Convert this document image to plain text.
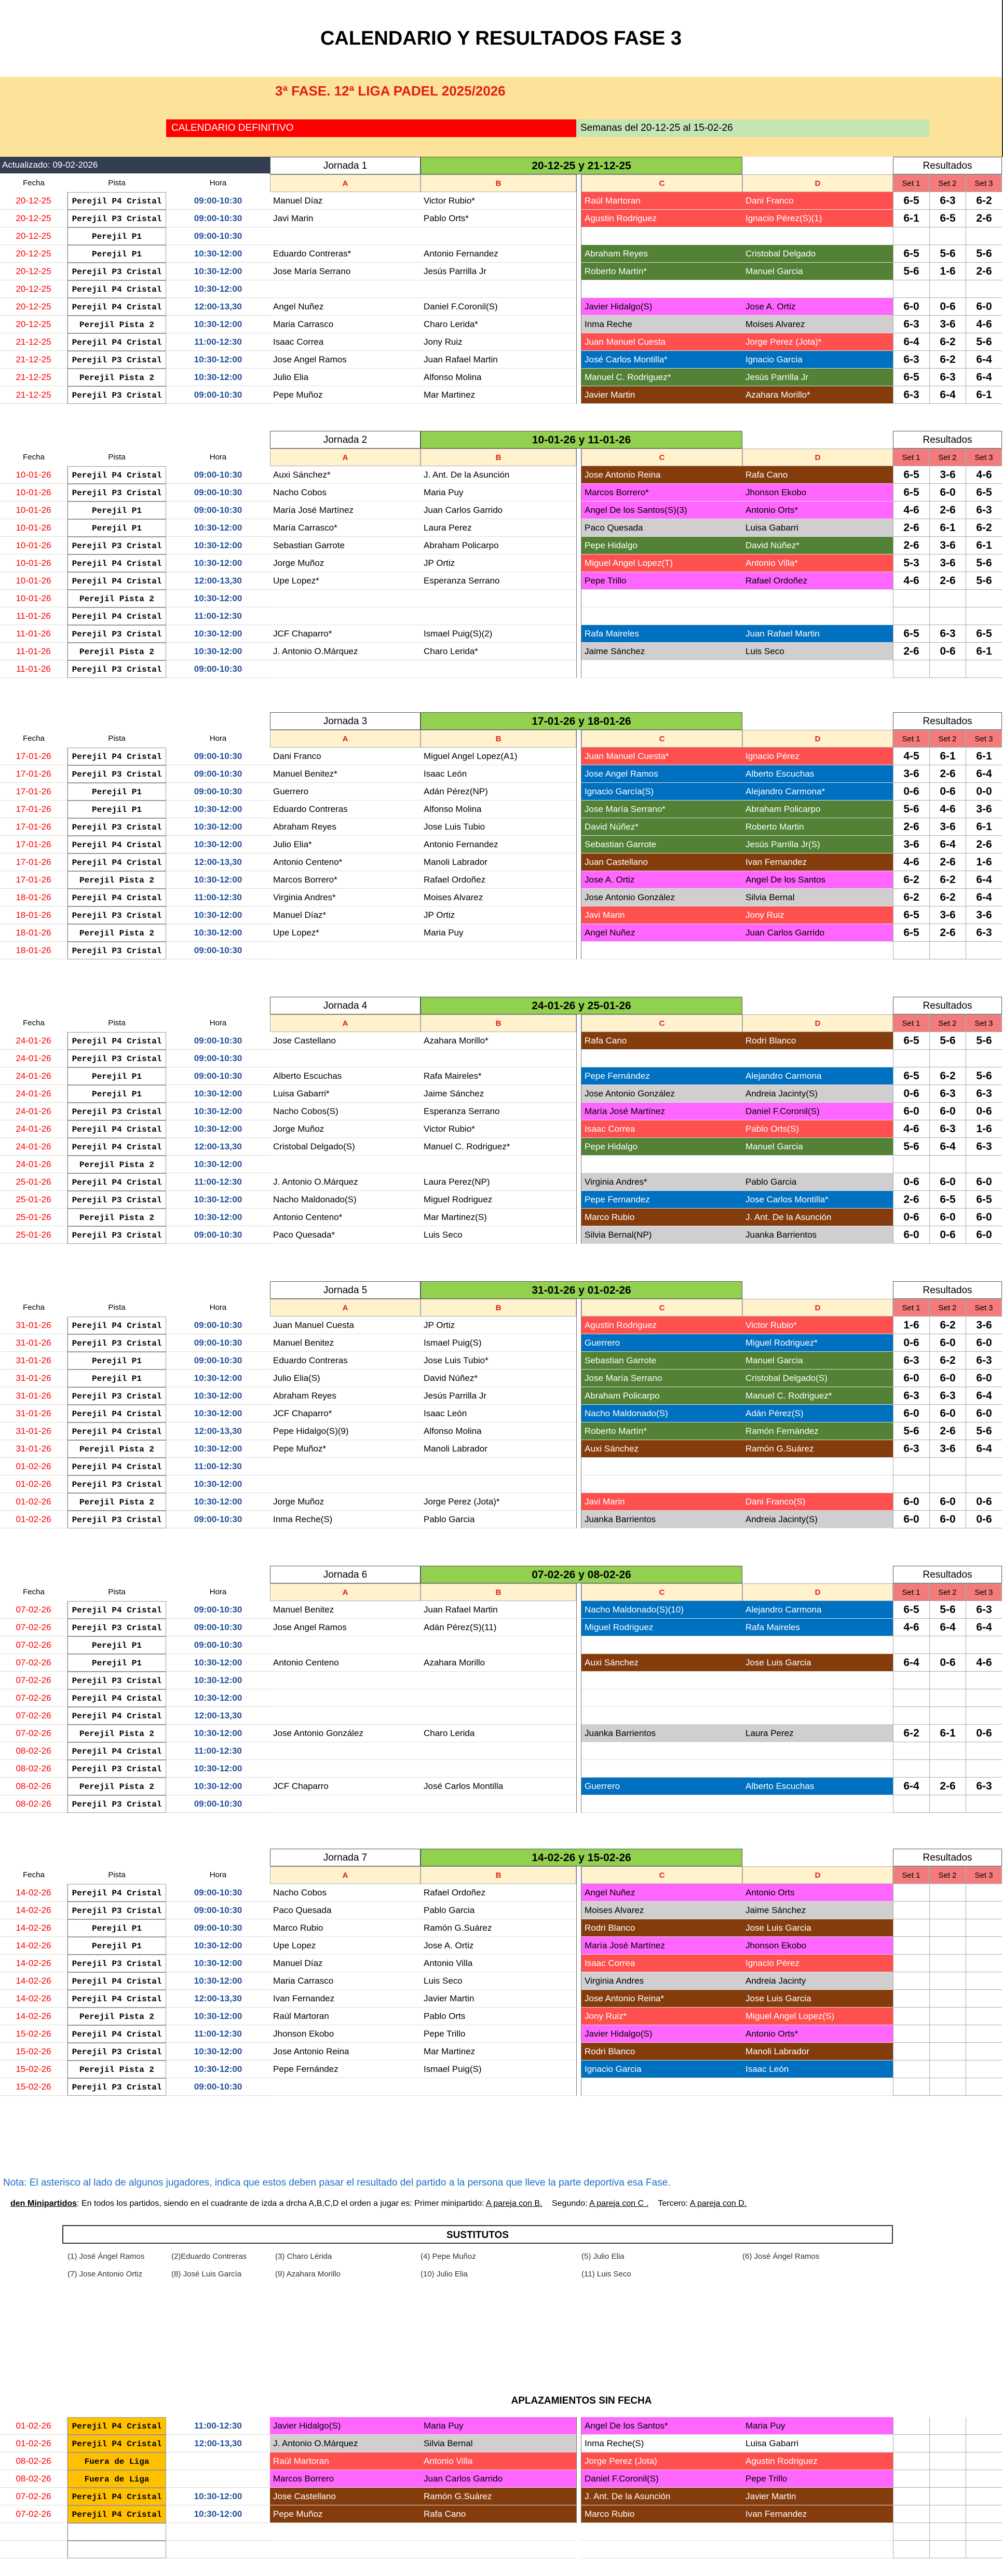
CALENDARIO Y RESULTADOS FASE 3
3ª FASE. 12ª LIGA PADEL 2025/2026
CALENDARIO DEFINITIVO	Semanas del 20-12-25 al 15-02-26
Actualizado: 09-02-2026	Jornada 1	20-12-25 y 21-12-25	Resultados
Fecha	Pista	Hora	A	B	C	D	Set 1	Set 2	Set 3
20-12-25	Perejil P4 Cristal	09:00-10:30	Manuel Díaz	Victor Rubio*	Raúl Martoran	Dani Franco	6-5	6-3	6-2
20-12-25	Perejil P3 Cristal	09:00-10:30	Javi Marin	Pablo Orts*	Agustin Rodriguez	Ignacio Pérez(S)(1)	6-1	6-5	2-6
20-12-25	Perejil P1	09:00-10:30
20-12-25	Perejil P1	10:30-12:00	Eduardo Contreras*	Antonio Fernandez	Abraham Reyes	Cristobal Delgado	6-5	5-6	5-6
20-12-25	Perejil P3 Cristal	10:30-12:00	Jose María Serrano	Jesús Parrilla Jr	Roberto Martín*	Manuel Garcia	5-6	1-6	2-6
20-12-25	Perejil P4 Cristal	10:30-12:00
20-12-25	Perejil P4 Cristal	12:00-13,30	Angel Nuñez	Daniel F.Coronil(S)	Javier Hidalgo(S)	Jose A. Ortiz	6-0	0-6	6-0
20-12-25	Perejil Pista 2	10:30-12:00	Maria Carrasco	Charo Lerida*	Inma Reche	Moises Alvarez	6-3	3-6	4-6
21-12-25	Perejil P4 Cristal	11:00-12:30	Isaac Correa	Jony Ruiz	Juan Manuel Cuesta	Jorge Perez (Jota)*	6-4	6-2	5-6
21-12-25	Perejil P3 Cristal	10:30-12:00	Jose Angel Ramos	Juan Rafael Martin	José Carlos Montilla*	Ignacio Garcia	6-3	6-2	6-4
21-12-25	Perejil Pista 2	10:30-12:00	Julio Elia	Alfonso Molina	Manuel C. Rodriguez*	Jesús Parrilla Jr	6-5	6-3	6-4
21-12-25	Perejil P3 Cristal	09:00-10:30	Pepe Muñoz	Mar Martinez	Javier Martin	Azahara Morillo*	6-3	6-4	6-1
Jornada 2	10-01-26 y 11-01-26	Resultados
Fecha	Pista	Hora	A	B	C	D	Set 1	Set 2	Set 3
10-01-26	Perejil P4 Cristal	09:00-10:30	Auxi Sánchez*	J. Ant. De la Asunción	Jose Antonio Reina	Rafa Cano	6-5	3-6	4-6
10-01-26	Perejil P3 Cristal	09:00-10:30	Nacho Cobos	Maria Puy	Marcos Borrero*	Jhonson Ekobo	6-5	6-0	6-5
10-01-26	Perejil P1	09:00-10:30	María José Martínez	Juan Carlos Garrido	Angel De los Santos(S)(3)	Antonio Orts*	4-6	2-6	6-3
10-01-26	Perejil P1	10:30-12:00	María Carrasco*	Laura Perez	Paco Quesada	Luisa Gabarri	2-6	6-1	6-2
10-01-26	Perejil P3 Cristal	10:30-12:00	Sebastian Garrote	Abraham Policarpo	Pepe Hidalgo	David Núñez*	2-6	3-6	6-1
10-01-26	Perejil P4 Cristal	10:30-12:00	Jorge Muñoz	JP Ortiz	Miguel Angel Lopez(T)	Antonio Villa*	5-3	3-6	5-6
10-01-26	Perejil P4 Cristal	12:00-13,30	Upe Lopez*	Esperanza Serrano	Pepe Trillo	Rafael Ordoñez	4-6	2-6	5-6
10-01-26	Perejil Pista 2	10:30-12:00
11-01-26	Perejil P4 Cristal	11:00-12:30
11-01-26	Perejil P3 Cristal	10:30-12:00	JCF Chaparro*	Ismael Puig(S)(2)	Rafa Maireles	Juan Rafael Martin	6-5	6-3	6-5
11-01-26	Perejil Pista 2	10:30-12:00	J. Antonio O.Márquez	Charo Lerida*	Jaime Sánchez	Luis Seco	2-6	0-6	6-1
11-01-26	Perejil P3 Cristal	09:00-10:30
Jornada 3	17-01-26 y 18-01-26	Resultados
Fecha	Pista	Hora	A	B	C	D	Set 1	Set 2	Set 3
17-01-26	Perejil P4 Cristal	09:00-10:30	Dani Franco	Miguel Angel Lopez(A1)	Juan Manuel Cuesta*	Ignacio Pérez	4-5	6-1	6-1
17-01-26	Perejil P3 Cristal	09:00-10:30	Manuel Benitez*	Isaac León	Jose Angel Ramos	Alberto Escuchas	3-6	2-6	6-4
17-01-26	Perejil P1	09:00-10:30	Guerrero	Adán Pérez(NP)	Ignacio García(S)	Alejandro Carmona*	0-6	0-6	0-0
17-01-26	Perejil P1	10:30-12:00	Eduardo Contreras	Alfonso Molina	Jose María Serrano*	Abraham Policarpo	5-6	4-6	3-6
17-01-26	Perejil P3 Cristal	10:30-12:00	Abraham Reyes	Jose Luis Tubio	David Núñez*	Roberto Martin	2-6	3-6	6-1
17-01-26	Perejil P4 Cristal	10:30-12:00	Julio Elia*	Antonio Fernandez	Sebastian Garrote	Jesús Parrilla Jr(S)	3-6	6-4	2-6
17-01-26	Perejil P4 Cristal	12:00-13,30	Antonio Centeno*	Manoli Labrador	Juan Castellano	Ivan Fernandez	4-6	2-6	1-6
17-01-26	Perejil Pista 2	10:30-12:00	Marcos Borrero*	Rafael Ordoñez	Jose A. Ortiz	Angel De los Santos	6-2	6-2	6-4
18-01-26	Perejil P4 Cristal	11:00-12:30	Virginia Andres*	Moises Alvarez	Jose Antonio González	Silvia Bernal	6-2	6-2	6-4
18-01-26	Perejil P3 Cristal	10:30-12:00	Manuel Díaz*	JP Ortiz	Javi Marin	Jony Ruiz	6-5	3-6	3-6
18-01-26	Perejil Pista 2	10:30-12:00	Upe Lopez*	Maria Puy	Angel Nuñez	Juan Carlos Garrido	6-5	2-6	6-3
18-01-26	Perejil P3 Cristal	09:00-10:30
Jornada 4	24-01-26 y 25-01-26	Resultados
Fecha	Pista	Hora	A	B	C	D	Set 1	Set 2	Set 3
24-01-26	Perejil P4 Cristal	09:00-10:30	Jose Castellano	Azahara Morillo*	Rafa Cano	Rodri Blanco	6-5	5-6	5-6
24-01-26	Perejil P3 Cristal	09:00-10:30
24-01-26	Perejil P1	09:00-10:30	Alberto Escuchas	Rafa Maireles*	Pepe Fernández	Alejandro Carmona	6-5	6-2	5-6
24-01-26	Perejil P1	10:30-12:00	Luisa Gabarri*	Jaime Sánchez	Jose Antonio González	Andreia Jacinty(S)	0-6	6-3	6-3
24-01-26	Perejil P3 Cristal	10:30-12:00	Nacho Cobos(S)	Esperanza Serrano	María José Martínez	Daniel F.Coronil(S)	6-0	6-0	0-6
24-01-26	Perejil P4 Cristal	10:30-12:00	Jorge Muñoz	Victor Rubio*	Isaac Correa	Pablo Orts(S)	4-6	6-3	1-6
24-01-26	Perejil P4 Cristal	12:00-13,30	Cristobal Delgado(S)	Manuel C. Rodriguez*	Pepe Hidalgo	Manuel Garcia	5-6	6-4	6-3
24-01-26	Perejil Pista 2	10:30-12:00
25-01-26	Perejil P4 Cristal	11:00-12:30	J. Antonio O.Márquez	Laura Perez(NP)	Virginia Andres*	Pablo Garcia	0-6	6-0	6-0
25-01-26	Perejil P3 Cristal	10:30-12:00	Nacho Maldonado(S)	Miguel Rodriguez	Pepe Fernandez	Jose Carlos Montilla*	2-6	6-5	6-5
25-01-26	Perejil Pista 2	10:30-12:00	Antonio Centeno*	Mar Martinez(S)	Marco Rubio	J. Ant. De la Asunción	0-6	6-0	6-0
25-01-26	Perejil P3 Cristal	09:00-10:30	Paco Quesada*	Luis Seco	Silvia Bernal(NP)	Juanka Barrientos	6-0	0-6	6-0
Jornada 5	31-01-26 y 01-02-26	Resultados
Fecha	Pista	Hora	A	B	C	D	Set 1	Set 2	Set 3
31-01-26	Perejil P4 Cristal	09:00-10:30	Juan Manuel Cuesta	JP Ortiz	Agustin Rodriguez	Victor Rubio*	1-6	6-2	3-6
31-01-26	Perejil P3 Cristal	09:00-10:30	Manuel Benitez	Ismael Puig(S)	Guerrero	Miguel Rodriguez*	0-6	6-0	6-0
31-01-26	Perejil P1	09:00-10:30	Eduardo Contreras	Jose Luis Tubio*	Sebastian Garrote	Manuel Garcia	6-3	6-2	6-3
31-01-26	Perejil P1	10:30-12:00	Julio Elia(S)	David Núñez*	Jose María Serrano	Cristobal Delgado(S)	6-0	6-0	6-0
31-01-26	Perejil P3 Cristal	10:30-12:00	Abraham Reyes	Jesús Parrilla Jr	Abraham Policarpo	Manuel C. Rodriguez*	6-3	6-3	6-4
31-01-26	Perejil P4 Cristal	10:30-12:00	JCF Chaparro*	Isaac León	Nacho Maldonado(S)	Adán Pérez(S)	6-0	6-0	6-0
31-01-26	Perejil P4 Cristal	12:00-13,30	Pepe Hidalgo(S)(9)	Alfonso Molina	Roberto Martín*	Ramón Fernández	5-6	2-6	5-6
31-01-26	Perejil Pista 2	10:30-12:00	Pepe Muñoz*	Manoli Labrador	Auxi Sánchez	Ramón G.Suárez	6-3	3-6	6-4
01-02-26	Perejil P4 Cristal	11:00-12:30
01-02-26	Perejil P3 Cristal	10:30-12:00
01-02-26	Perejil Pista 2	10:30-12:00	Jorge Muñoz	Jorge Perez (Jota)*	Javi Marin	Dani Franco(S)	6-0	6-0	0-6
01-02-26	Perejil P3 Cristal	09:00-10:30	Inma Reche(S)	Pablo Garcia	Juanka Barrientos	Andreia Jacinty(S)	6-0	6-0	0-6
Jornada 6	07-02-26 y 08-02-26	Resultados
Fecha	Pista	Hora	A	B	C	D	Set 1	Set 2	Set 3
07-02-26	Perejil P4 Cristal	09:00-10:30	Manuel Benitez	Juan Rafael Martin	Nacho Maldonado(S)(10)	Alejandro Carmona	6-5	5-6	6-3
07-02-26	Perejil P3 Cristal	09:00-10:30	Jose Angel Ramos	Adán Pérez(S)(11)	Miguel Rodriguez	Rafa Maireles	4-6	6-4	6-4
07-02-26	Perejil P1	09:00-10:30
07-02-26	Perejil P1	10:30-12:00	Antonio Centeno	Azahara Morillo	Auxi Sánchez	Jose Luis Garcia	6-4	0-6	4-6
07-02-26	Perejil P3 Cristal	10:30-12:00
07-02-26	Perejil P4 Cristal	10:30-12:00
07-02-26	Perejil P4 Cristal	12:00-13,30
07-02-26	Perejil Pista 2	10:30-12:00	Jose Antonio González	Charo Lerida	Juanka Barrientos	Laura Perez	6-2	6-1	0-6
08-02-26	Perejil P4 Cristal	11:00-12:30
08-02-26	Perejil P3 Cristal	10:30-12:00
08-02-26	Perejil Pista 2	10:30-12:00	JCF Chaparro	José Carlos Montilla	Guerrero	Alberto Escuchas	6-4	2-6	6-3
08-02-26	Perejil P3 Cristal	09:00-10:30
Jornada 7	14-02-26 y 15-02-26	Resultados
Fecha	Pista	Hora	A	B	C	D	Set 1	Set 2	Set 3
14-02-26	Perejil P4 Cristal	09:00-10:30	Nacho Cobos	Rafael Ordoñez	Angel Nuñez	Antonio Orts
14-02-26	Perejil P3 Cristal	09:00-10:30	Paco Quesada	Pablo Garcia	Moises Alvarez	Jaime Sánchez
14-02-26	Perejil P1	09:00-10:30	Marco Rubio	Ramón G.Suárez	Rodri Blanco	Jose Luis Garcia
14-02-26	Perejil P1	10:30-12:00	Upe Lopez	Jose A. Ortiz	María José Martínez	Jhonson Ekobo
14-02-26	Perejil P3 Cristal	10:30-12:00	Manuel Díaz	Antonio Villa	Isaac Correa	Ignacio Pérez
14-02-26	Perejil P4 Cristal	10:30-12:00	Maria Carrasco	Luis Seco	Virginia Andres	Andreia Jacinty
14-02-26	Perejil P4 Cristal	12:00-13,30	Ivan Fernandez	Javier Martin	Jose Antonio Reina*	Jose Luis Garcia
14-02-26	Perejil Pista 2	10:30-12:00	Raúl Martoran	Pablo Orts	Jony Ruiz*	Miguel Angel Lopez(S)
15-02-26	Perejil P4 Cristal	11:00-12:30	Jhonson Ekobo	Pepe Trillo	Javier Hidalgo(S)	Antonio Orts*
15-02-26	Perejil P3 Cristal	10:30-12:00	Jose Antonio Reina	Mar Martinez	Rodri Blanco	Manoli Labrador
15-02-26	Perejil Pista 2	10:30-12:00	Pepe Fernández	Ismael Puig(S)	Ignacio Garcia	Isaac León
15-02-26	Perejil P3 Cristal	09:00-10:30
Nota: El asterisco al lado de algunos jugadores, indica que estos deben pasar el resultado del partido a la persona que lleve la parte deportiva esa Fase.
den Minipartidos: En todos los partidos, siendo en el cuadrante de izda a drcha A,B,C,D el orden a jugar es: Primer minipartido: A pareja con B. Segundo: A pareja con C . Tercero: A pareja con D.
SUSTITUTOS
(1) José Ángel Ramos	(2)Eduardo Contreras	(3) Charo Lérida	(4) Pepe Muñoz	(5) Julio Elia	(6) José Ángel Ramos
(7) Jose Antonio Ortiz	(8) José Luis García	(9) Azahara Morillo	(10) Julio Elia	(11) Luis Seco
APLAZAMIENTOS SIN FECHA
01-02-26	Perejil P4 Cristal	11:00-12:30	Javier Hidalgo(S)	Maria Puy	Angel De los Santos*	Maria Puy
01-02-26	Perejil P4 Cristal	12:00-13,30	J. Antonio O.Márquez	Silvia Bernal	Inma Reche(S)	Luisa Gabarri
08-02-26	Fuera de Liga	Raúl Martoran	Antonio Villa	Jorge Perez (Jota)	Agustin Rodriguez
08-02-26	Fuera de Liga	Marcos Borrero	Juan Carlos Garrido	Daniel F.Coronil(S)	Pepe Trillo
07-02-26	Perejil P4 Cristal	10:30-12:00	Jose Castellano	Ramón G.Suárez	J. Ant. De la Asunción	Javier Martin
07-02-26	Perejil P4 Cristal	10:30-12:00	Pepe Muñoz	Rafa Cano	Marco Rubio	Ivan Fernandez
